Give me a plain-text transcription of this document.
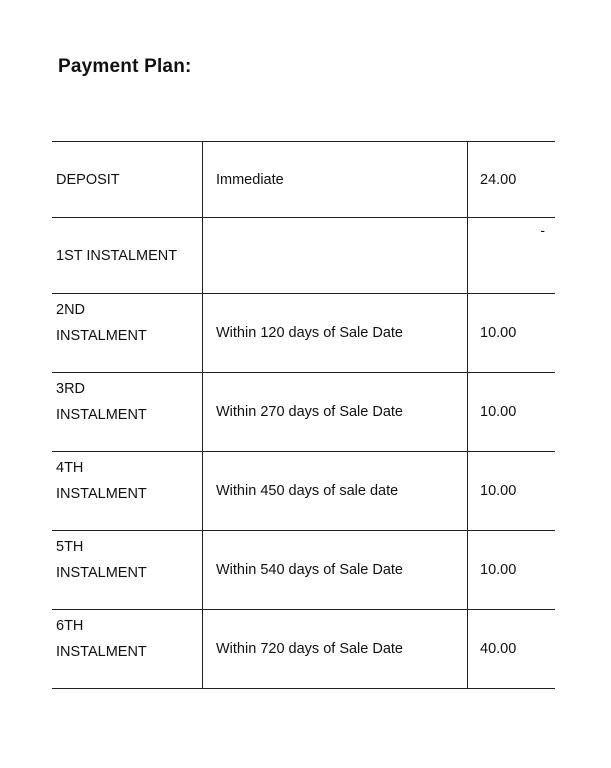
Payment Plan:
DEPOSIT	Immediate	24.00
1ST INSTALMENT		-

2ND
INSTALMENT	Within 120 days of Sale Date	10.00

3RD
INSTALMENT	Within 270 days of Sale Date	10.00

4TH
INSTALMENT	Within 450 days of sale date	10.00

5TH
INSTALMENT	Within 540 days of Sale Date	10.00

6TH
INSTALMENT	Within 720 days of Sale Date	40.00
